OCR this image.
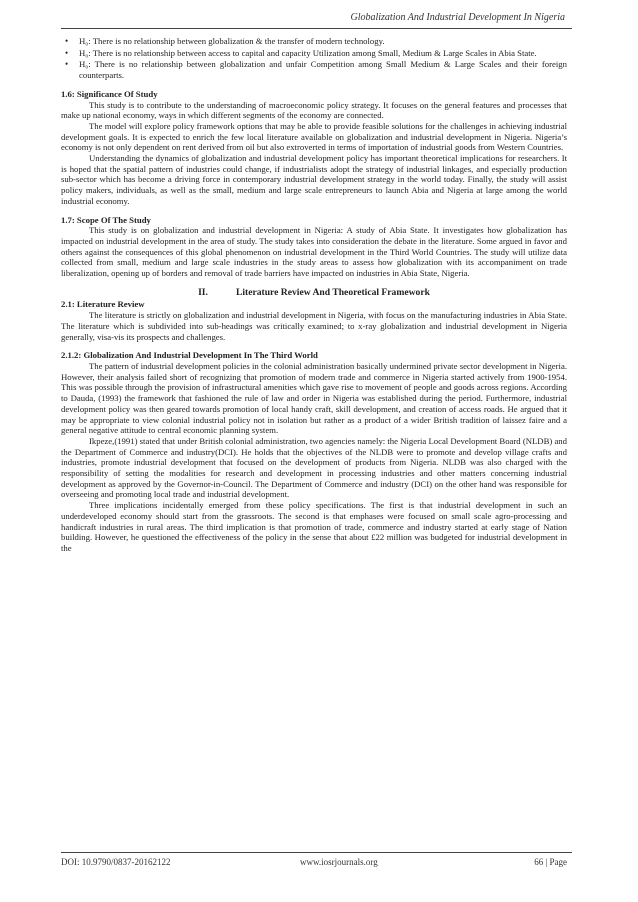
Globalization And Industrial Development In Nigeria
• H₀: There is no relationship between globalization & the transfer of modern technology.
• H₀: There is no relationship between access to capital and capacity Utilization among Small, Medium & Large Scales in Abia State.
• H₀: There is no relationship between globalization and unfair Competition among Small Medium & Large Scales and their foreign counterparts.
1.6: Significance Of Study

This study is to contribute to the understanding of macroeconomic policy strategy. It focuses on the general features and processes that make up national economy, ways in which different segments of the economy are connected.

The model will explore policy framework options that may be able to provide feasible solutions for the challenges in achieving industrial development goals. It is expected to enrich the few local literature available on globalization and industrial development in Nigeria. Nigeria’s economy is not only dependent on rent derived from oil but also extroverted in terms of importation of industrial goods from Western Countries.

Understanding the dynamics of globalization and industrial development policy has important theoretical implications for researchers. It is hoped that the spatial pattern of industries could change, if industrialists adopt the strategy of industrial linkages, and especially production sub-sector which has become a driving force in contemporary industrial development strategy in the world today. Finally, the study will assist policy makers, individuals, as well as the small, medium and large scale entrepreneurs to launch Abia and Nigeria at large among the world industrial economy.

1.7: Scope Of The Study

This study is on globalization and industrial development in Nigeria: A study of Abia State. It investigates how globalization has impacted on industrial development in the area of study. The study takes into consideration the debate in the literature. Some argued in favor and others against the consequences of this global phenomenon on industrial development in the Third World Countries. The study will utilize data collected from small, medium and large scale industries in the study areas to assess how globalization with its accompaniment on trade liberalization, opening up of borders and removal of trade barriers have impacted on industries in Abia State, Nigeria.

II.	Literature Review And Theoretical Framework
2.1: Literature Review

The literature is strictly on globalization and industrial development in Nigeria, with focus on the manufacturing industries in Abia State. The literature which is subdivided into sub-headings was critically examined; to x-ray globalization and industrial development in Nigeria generally, visa-vis its prospects and challenges.

2.1.2: Globalization And Industrial Development In The Third World

The pattern of industrial development policies in the colonial administration basically undermined private sector development in Nigeria. However, their analysis failed short of recognizing that promotion of modern trade and commerce in Nigeria started actively from 1900-1954. This was possible through the provision of infrastructural amenities which gave rise to movement of people and goods across regions. According to Dauda, (1993) the framework that fashioned the rule of law and order in Nigeria was established during the period. Furthermore, industrial development policy was then geared towards promotion of local handy craft, skill development, and creation of access roads. He argued that it may be appropriate to view colonial industrial policy not in isolation but rather as a product of a wider British tradition of laissez faire and a general negative attitude to central economic planning system.

Ikpeze,(1991) stated that under British colonial administration, two agencies namely: the Nigeria Local Development Board (NLDB) and the Department of Commerce and industry(DCI). He holds that the objectives of the NLDB were to promote and develop village crafts and industries, promote industrial development that focused on the development of products from Nigeria. NLDB was also charged with the responsibility of setting the modalities for research and development in processing industries and other matters concerning industrial development as approved by the Governor-in-Council. The Department of Commerce and industry (DCI) on the other hand was responsible for overseeing and promoting local trade and industrial development.

Three implications incidentally emerged from these policy specifications. The first is that industrial development in such an underdeveloped economy should start from the grassroots. The second is that emphases were focused on small scale agro-processing and handicraft industries in rural areas. The third implication is that promotion of trade, commerce and industry started at early stage of Nation building. However, he questioned the effectiveness of the policy in the sense that about £22 million was budgeted for industrial development in the

DOI: 10.9790/0837-20162122	www.iosrjournals.org	66 | Page
